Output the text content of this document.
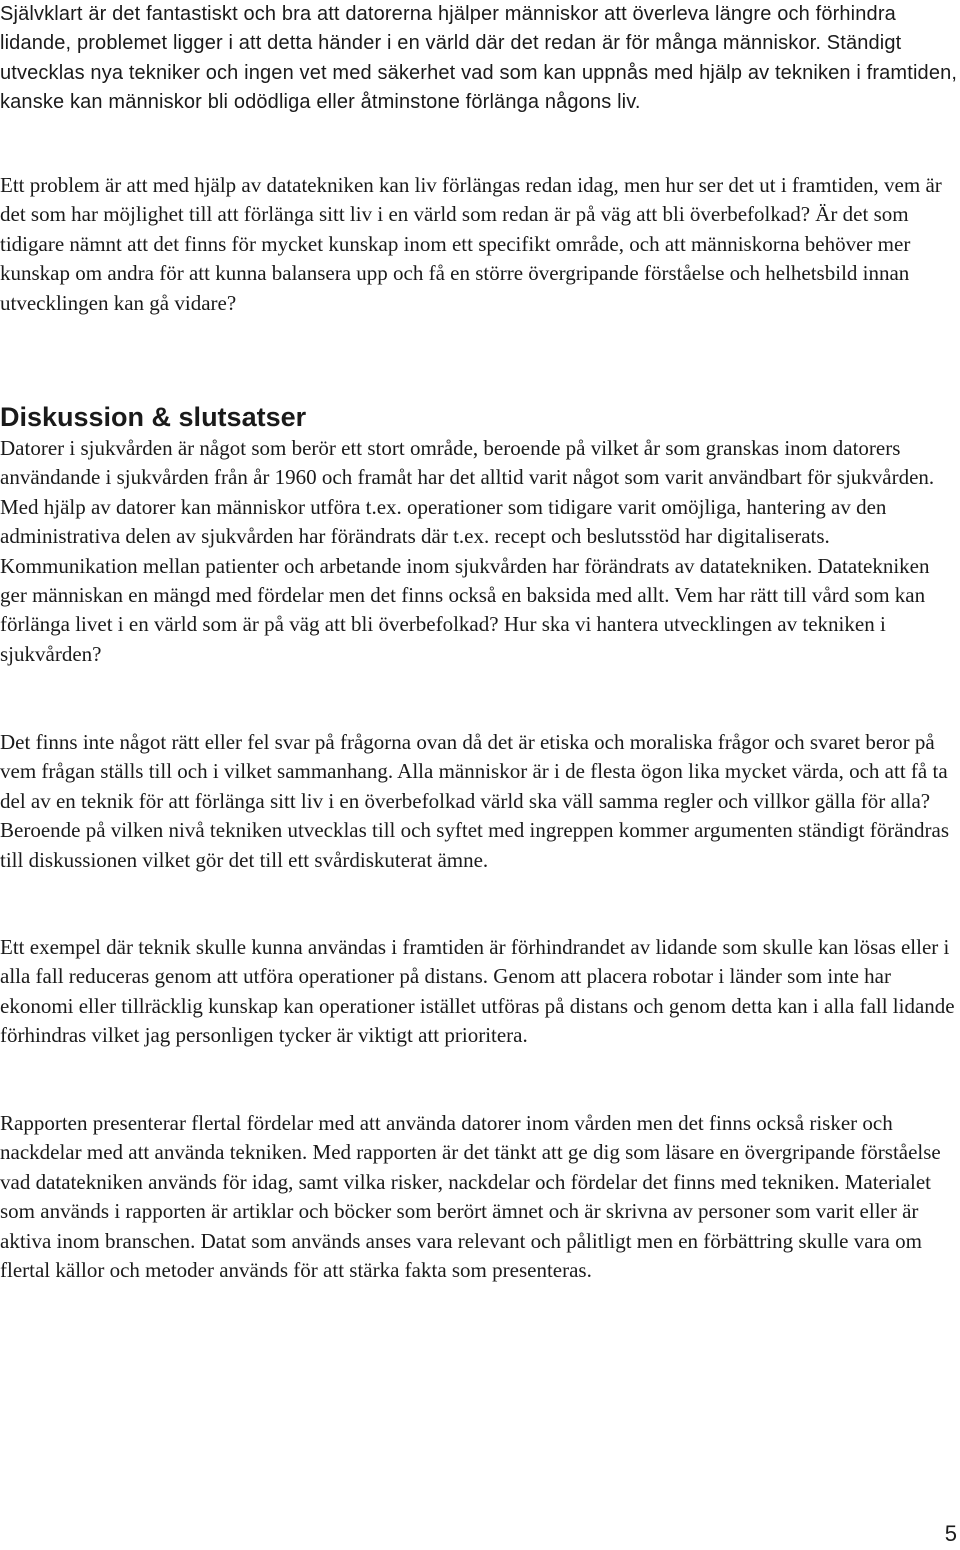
Självklart är det fantastiskt och bra att datorerna hjälper människor att överleva längre och förhindra lidande, problemet ligger i att detta händer i en värld där det redan är för många människor. Ständigt utvecklas nya tekniker och ingen vet med säkerhet vad som kan uppnås med hjälp av tekniken i framtiden, kanske kan människor bli odödliga eller åtminstone förlänga någons liv.

Ett problem är att med hjälp av datatekniken kan liv förlängas redan idag, men hur ser det ut i framtiden, vem är det som har möjlighet till att förlänga sitt liv i en värld som redan är på väg att bli överbefolkad? Är det som tidigare nämnt att det finns för mycket kunskap inom ett specifikt område, och att människorna behöver mer kunskap om andra för att kunna balansera upp och få en större övergripande förståelse och helhetsbild innan utvecklingen kan gå vidare?

Diskussion & slutsatser

Datorer i sjukvården är något som berör ett stort område, beroende på vilket år som granskas inom datorers användande i sjukvården från år 1960 och framåt har det alltid varit något som varit användbart för sjukvården. Med hjälp av datorer kan människor utföra t.ex. operationer som tidigare varit omöjliga, hantering av den administrativa delen av sjukvården har förändrats där t.ex. recept och beslutsstöd har digitaliserats. Kommunikation mellan patienter och arbetande inom sjukvården har förändrats av datatekniken. Datatekniken ger människan en mängd med fördelar men det finns också en baksida med allt. Vem har rätt till vård som kan förlänga livet i en värld som är på väg att bli överbefolkad? Hur ska vi hantera utvecklingen av tekniken i sjukvården?

Det finns inte något rätt eller fel svar på frågorna ovan då det är etiska och moraliska frågor och svaret beror på vem frågan ställs till och i vilket sammanhang. Alla människor är i de flesta ögon lika mycket värda, och att få ta del av en teknik för att förlänga sitt liv i en överbefolkad värld ska väll samma regler och villkor gälla för alla? Beroende på vilken nivå tekniken utvecklas till och syftet med ingreppen kommer argumenten ständigt förändras till diskussionen vilket gör det till ett svårdiskuterat ämne.

Ett exempel där teknik skulle kunna användas i framtiden är förhindrandet av lidande som skulle kan lösas eller i alla fall reduceras genom att utföra operationer på distans. Genom att placera robotar i länder som inte har ekonomi eller tillräcklig kunskap kan operationer istället utföras på distans och genom detta kan i alla fall lidande förhindras vilket jag personligen tycker är viktigt att prioritera.

Rapporten presenterar flertal fördelar med att använda datorer inom vården men det finns också risker och nackdelar med att använda tekniken. Med rapporten är det tänkt att ge dig som läsare en övergripande förståelse vad datatekniken används för idag, samt vilka risker, nackdelar och fördelar det finns med tekniken. Materialet som används i rapporten är artiklar och böcker som berört ämnet och är skrivna av personer som varit eller är aktiva inom branschen. Datat som används anses vara relevant och pålitligt men en förbättring skulle vara om flertal källor och metoder används för att stärka fakta som presenteras.

5
